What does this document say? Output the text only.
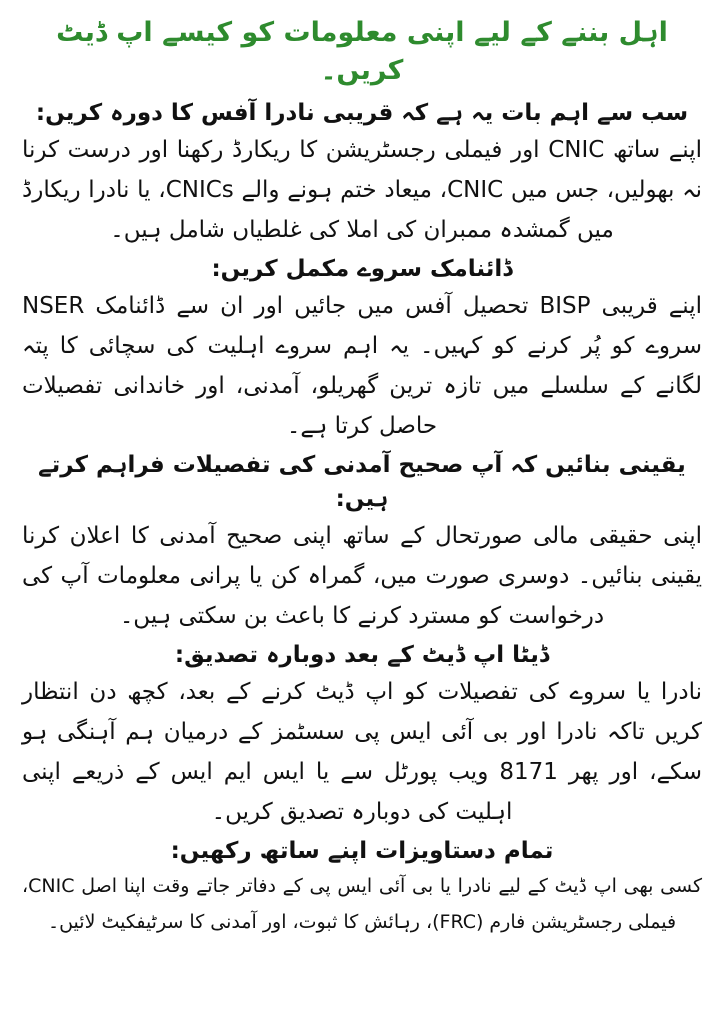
اہل بننے کے لیے اپنی معلومات کو کیسے اپ ڈیٹ کریں۔
سب سے اہم بات یہ ہے کہ قریبی نادرا آفس کا دورہ کریں:

اپنے ساتھ CNIC اور فیملی رجسٹریشن کا ریکارڈ رکھنا اور درست کرنا نہ بھولیں، جس میں CNIC، میعاد ختم ہونے والے CNICs، یا نادرا ریکارڈ میں گمشدہ ممبران کی املا کی غلطیاں شامل ہیں۔

ڈائنامک سروے مکمل کریں:

اپنے قریبی BISP تحصیل آفس میں جائیں اور ان سے ڈائنامک NSER سروے کو پُر کرنے کو کہیں۔ یہ اہم سروے اہلیت کی سچائی کا پتہ لگانے کے سلسلے میں تازہ ترین گھریلو، آمدنی، اور خاندانی تفصیلات حاصل کرتا ہے۔

یقینی بنائیں کہ آپ صحیح آمدنی کی تفصیلات فراہم کرتے ہیں:

اپنی حقیقی مالی صورتحال کے ساتھ اپنی صحیح آمدنی کا اعلان کرنا یقینی بنائیں۔ دوسری صورت میں، گمراہ کن یا پرانی معلومات آپ کی درخواست کو مسترد کرنے کا باعث بن سکتی ہیں۔

ڈیٹا اپ ڈیٹ کے بعد دوبارہ تصدیق:

نادرا یا سروے کی تفصیلات کو اپ ڈیٹ کرنے کے بعد، کچھ دن انتظار کریں تاکہ نادرا اور بی آئی ایس پی سسٹمز کے درمیان ہم آہنگی ہو سکے، اور پھر 8171 ویب پورٹل سے یا ایس ایم ایس کے ذریعے اپنی اہلیت کی دوبارہ تصدیق کریں۔

تمام دستاویزات اپنے ساتھ رکھیں:

کسی بھی اپ ڈیٹ کے لیے نادرا یا بی آئی ایس پی کے دفاتر جاتے وقت اپنا اصل CNIC، فیملی رجسٹریشن فارم (FRC)، رہائش کا ثبوت، اور آمدنی کا سرٹیفکیٹ لائیں۔
